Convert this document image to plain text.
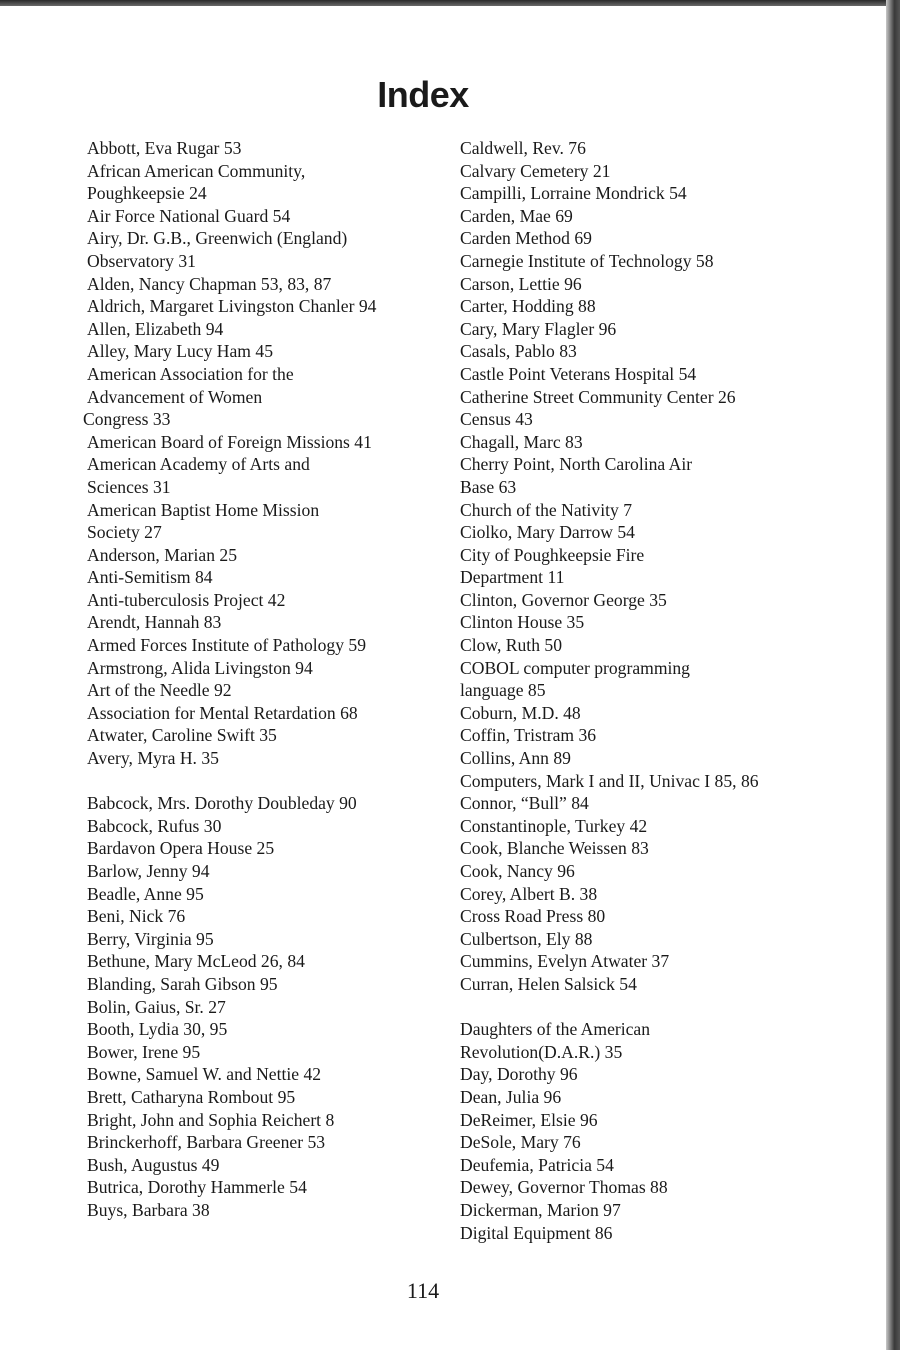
Index
Abbott, Eva Rugar 53
African American Community,
Poughkeepsie 24
Air Force National Guard 54
Airy, Dr. G.B., Greenwich (England)
Observatory 31
Alden, Nancy Chapman 53, 83, 87
Aldrich, Margaret Livingston Chanler 94
Allen, Elizabeth 94
Alley, Mary Lucy Ham 45
American Association for the
Advancement of Women
Congress 33
American Board of Foreign Missions 41
American Academy of Arts and
Sciences 31
American Baptist Home Mission
Society 27
Anderson, Marian 25
Anti-Semitism 84
Anti-tuberculosis Project 42
Arendt, Hannah 83
Armed Forces Institute of Pathology 59
Armstrong, Alida Livingston 94
Art of the Needle 92
Association for Mental Retardation 68
Atwater, Caroline Swift 35
Avery, Myra H. 35
Babcock, Mrs. Dorothy Doubleday 90
Babcock, Rufus 30
Bardavon Opera House 25
Barlow, Jenny 94
Beadle, Anne 95
Beni, Nick 76
Berry, Virginia 95
Bethune, Mary McLeod 26, 84
Blanding, Sarah Gibson 95
Bolin, Gaius, Sr. 27
Booth, Lydia 30, 95
Bower, Irene 95
Bowne, Samuel W. and Nettie 42
Brett, Catharyna Rombout 95
Bright, John and Sophia Reichert 8
Brinckerhoff, Barbara Greener 53
Bush, Augustus 49
Butrica, Dorothy Hammerle 54
Buys, Barbara 38
Caldwell, Rev. 76
Calvary Cemetery 21
Campilli, Lorraine Mondrick 54
Carden, Mae 69
Carden Method 69
Carnegie Institute of Technology 58
Carson, Lettie 96
Carter, Hodding 88
Cary, Mary Flagler 96
Casals, Pablo 83
Castle Point Veterans Hospital 54
Catherine Street Community Center 26
Census 43
Chagall, Marc 83
Cherry Point, North Carolina Air
Base 63
Church of the Nativity 7
Ciolko, Mary Darrow 54
City of Poughkeepsie Fire
Department 11
Clinton, Governor George 35
Clinton House 35
Clow, Ruth 50
COBOL computer programming
language 85
Coburn, M.D. 48
Coffin, Tristram 36
Collins, Ann 89
Computers, Mark I and II, Univac I 85, 86
Connor, “Bull” 84
Constantinople, Turkey 42
Cook, Blanche Weissen 83
Cook, Nancy 96
Corey, Albert B. 38
Cross Road Press 80
Culbertson, Ely 88
Cummins, Evelyn Atwater 37
Curran, Helen Salsick 54
Daughters of the American
Revolution(D.A.R.) 35
Day, Dorothy 96
Dean, Julia 96
DeReimer, Elsie 96
DeSole, Mary 76
Deufemia, Patricia 54
Dewey, Governor Thomas 88
Dickerman, Marion 97
Digital Equipment 86
114
